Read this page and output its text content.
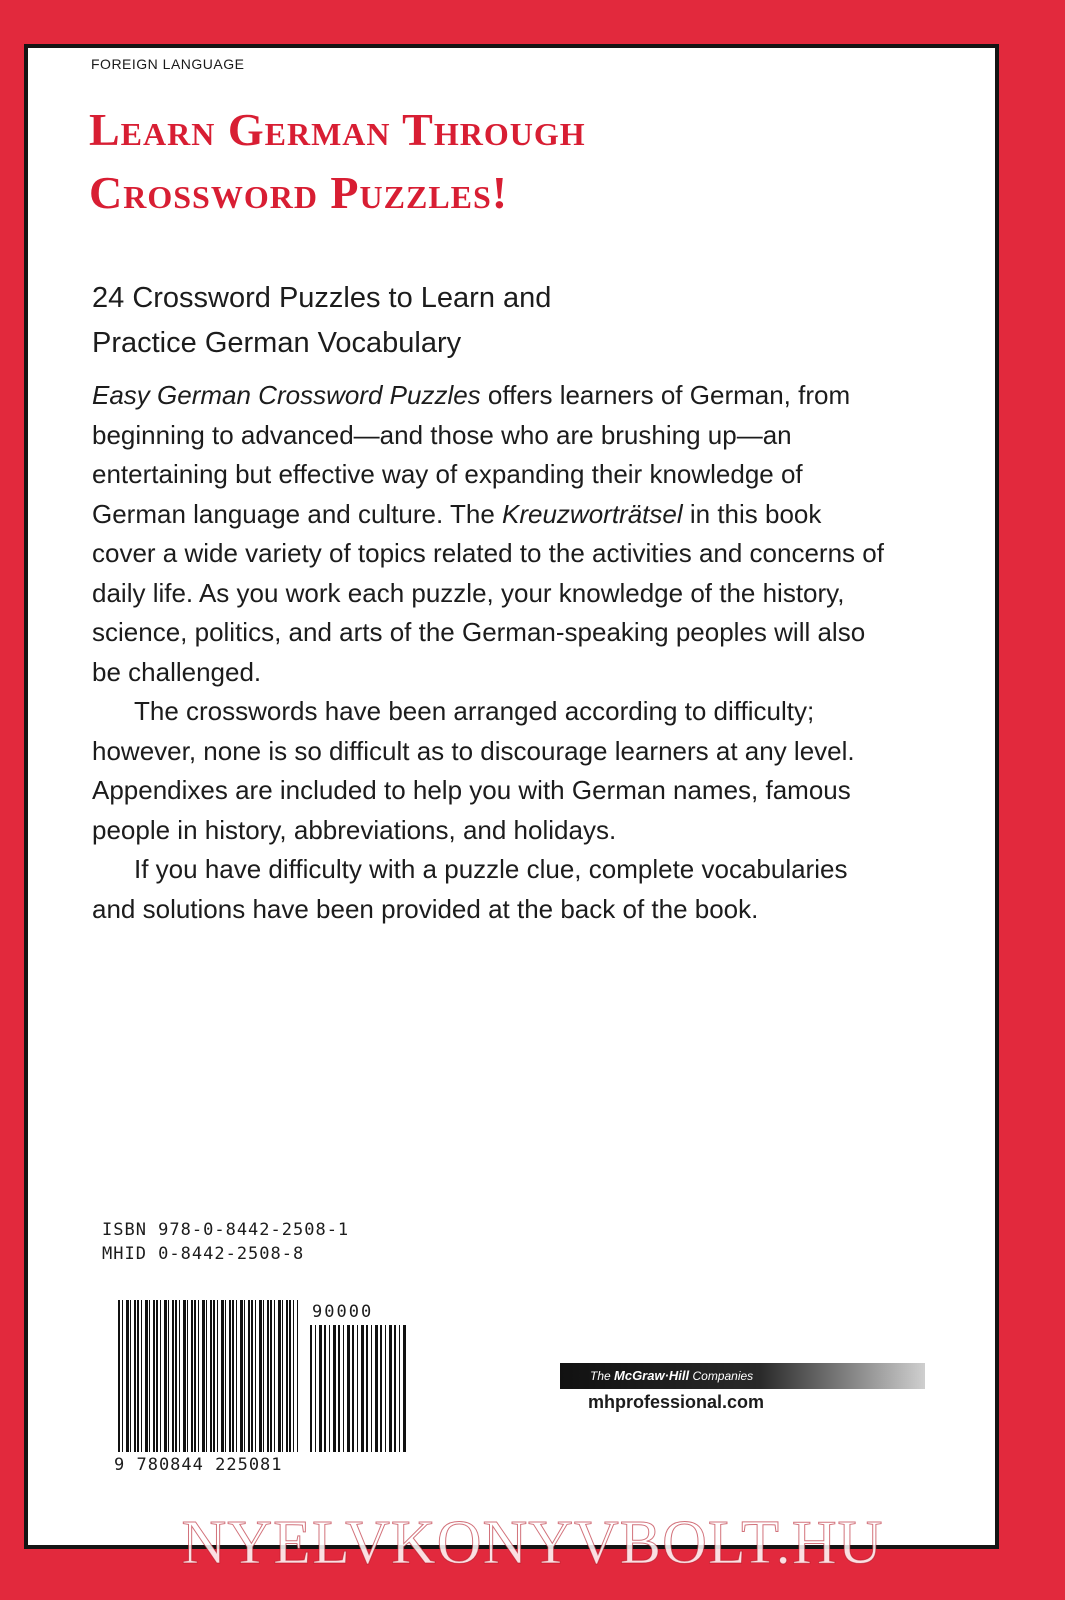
FOREIGN LANGUAGE
Learn German Through
Crossword Puzzles!
24 Crossword Puzzles to Learn and
Practice German Vocabulary

Easy German Crossword Puzzles offers learners of German, from beginning to advanced—and those who are brushing up—an entertaining but effective way of expanding their knowledge of German language and culture. The Kreuzworträtsel in this book cover a wide variety of topics related to the activities and concerns of daily life. As you work each puzzle, your knowledge of the history, science, politics, and arts of the German-speaking peoples will also be challenged.

The crosswords have been arranged according to difficulty; however, none is so difficult as to discourage learners at any level. Appendixes are included to help you with German names, famous people in history, abbreviations, and holidays.

If you have difficulty with a puzzle clue, complete vocabularies and solutions have been provided at the back of the book.

ISBN 978-0-8442-2508-1
MHID 0-8442-2508-8
90000
9 780844 225081
The McGraw·Hill Companies
mhprofessional.com
NYELVKONYVBOLT.HU
